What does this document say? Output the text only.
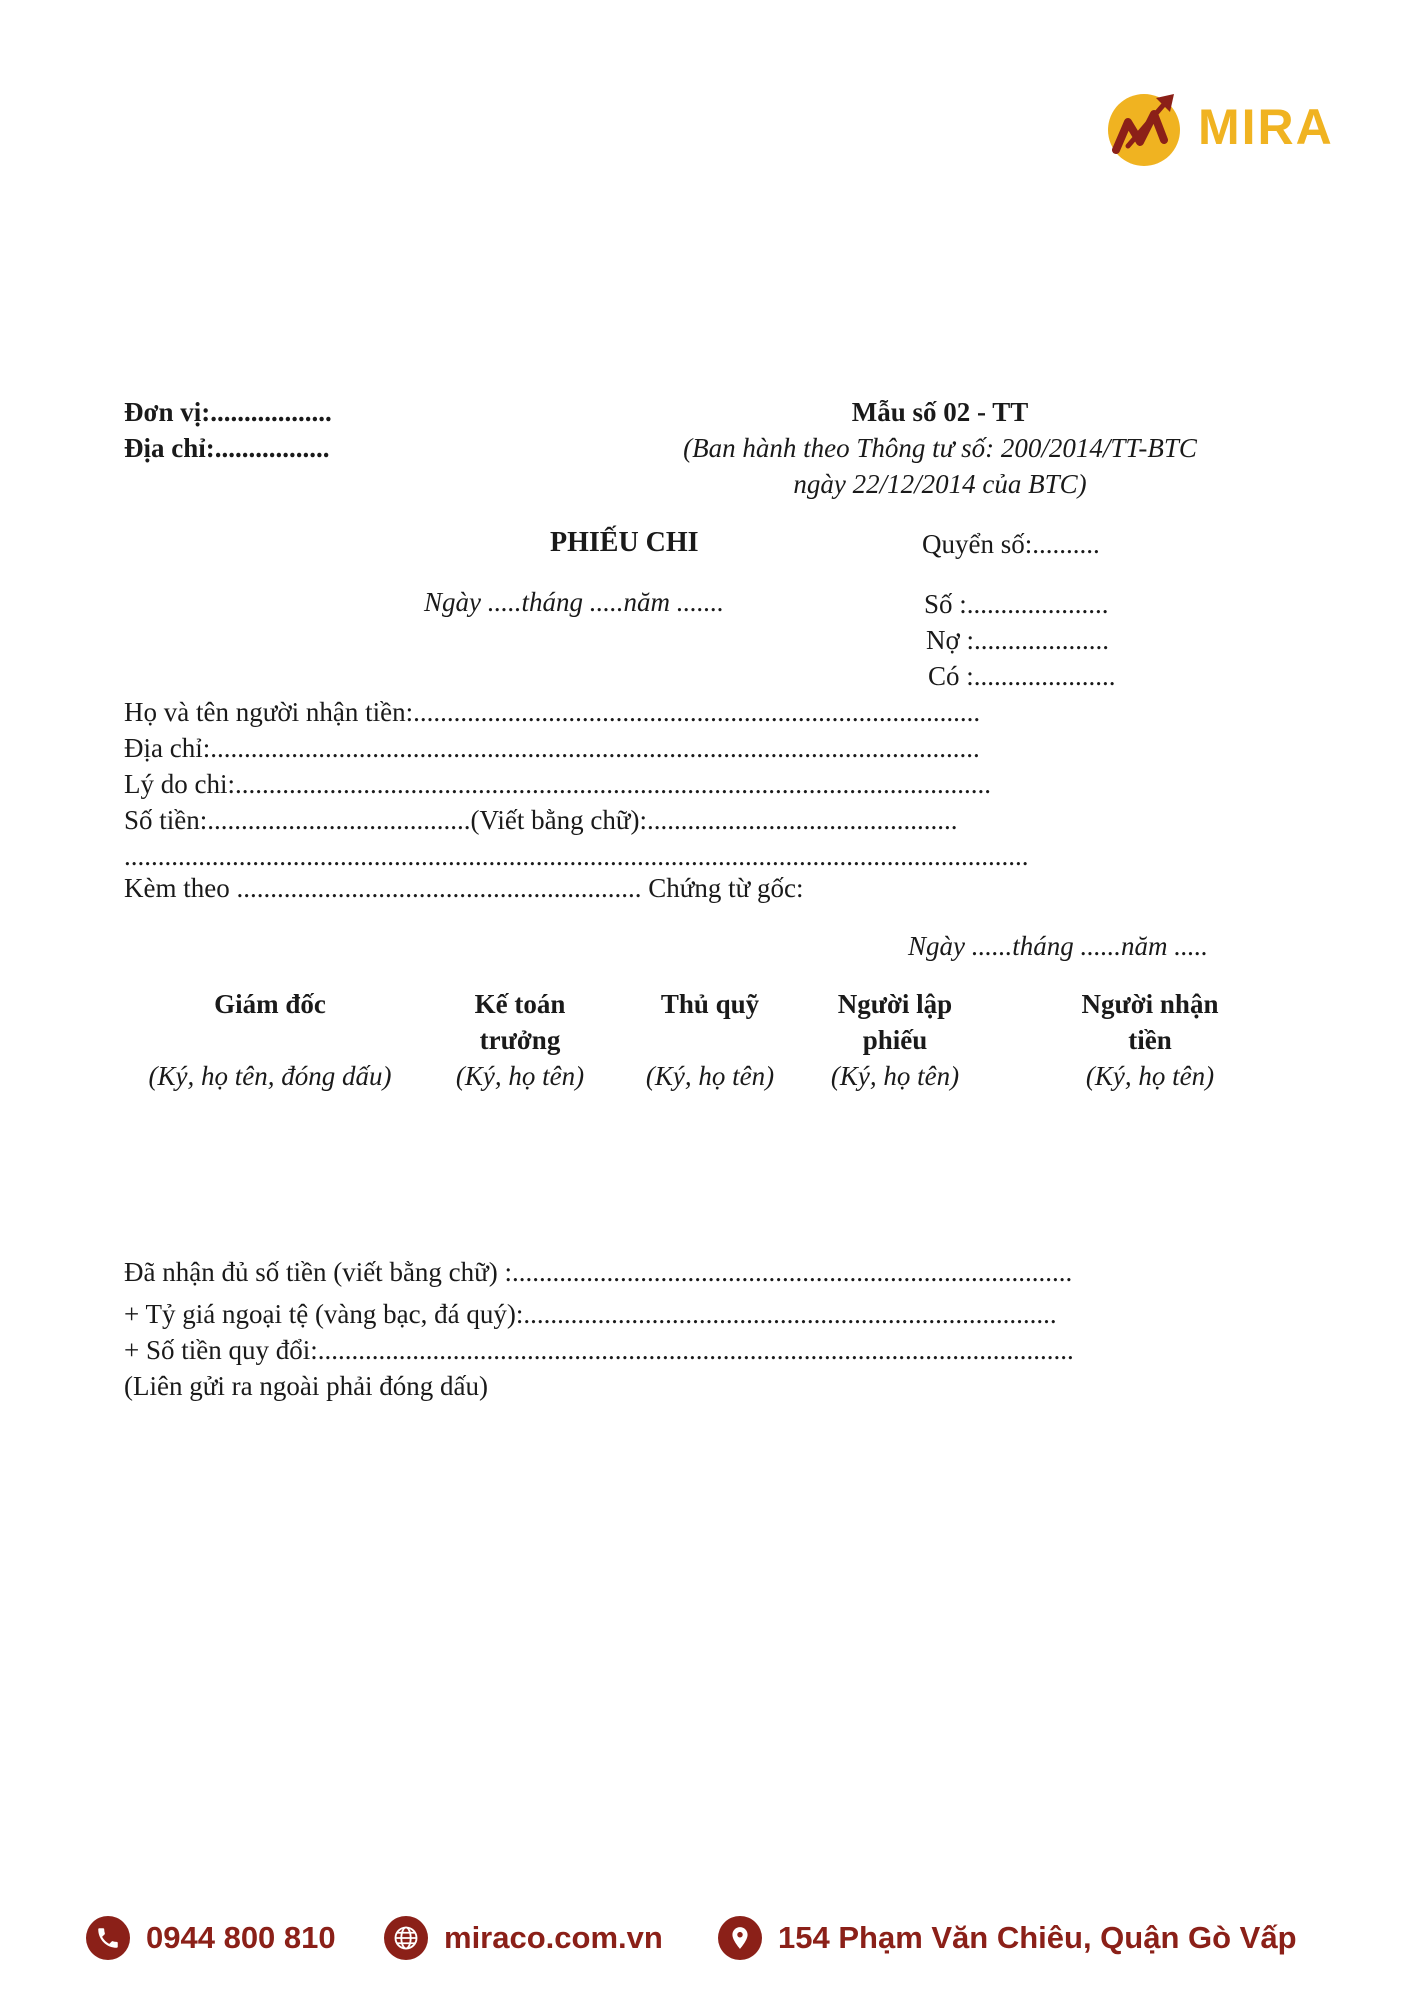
MIRA
Đơn vị:..................
Địa chỉ:.................
Mẫu số 02 - TT
(Ban hành theo Thông tư số: 200/2014/TT-BTC
ngày 22/12/2014 của BTC)
PHIẾU CHI
Ngày .....tháng .....năm .......
Quyển số:..........
Số :.....................
Nợ :....................
Có :.....................
Họ và tên người nhận tiền:....................................................................................
Địa chỉ:..................................................................................................................
Lý do chi:................................................................................................................
Số tiền:.......................................(Viết bằng chữ):..............................................
......................................................................................................................................
Kèm theo ............................................................ Chứng từ gốc:
Ngày ......tháng ......năm .....
Giám đốc
(Ký, họ tên, đóng dấu)
Kế toán trưởng
(Ký, họ tên)
Thủ quỹ
(Ký, họ tên)
Người lập phiếu
(Ký, họ tên)
Người nhận tiền
(Ký, họ tên)
Đã nhận đủ số tiền (viết bằng chữ) :...................................................................................
+ Tỷ giá ngoại tệ (vàng bạc, đá quý):...............................................................................
+ Số tiền quy đổi:................................................................................................................
(Liên gửi ra ngoài phải đóng dấu)
0944 800 810	miraco.com.vn	154 Phạm Văn Chiêu, Quận Gò Vấp
